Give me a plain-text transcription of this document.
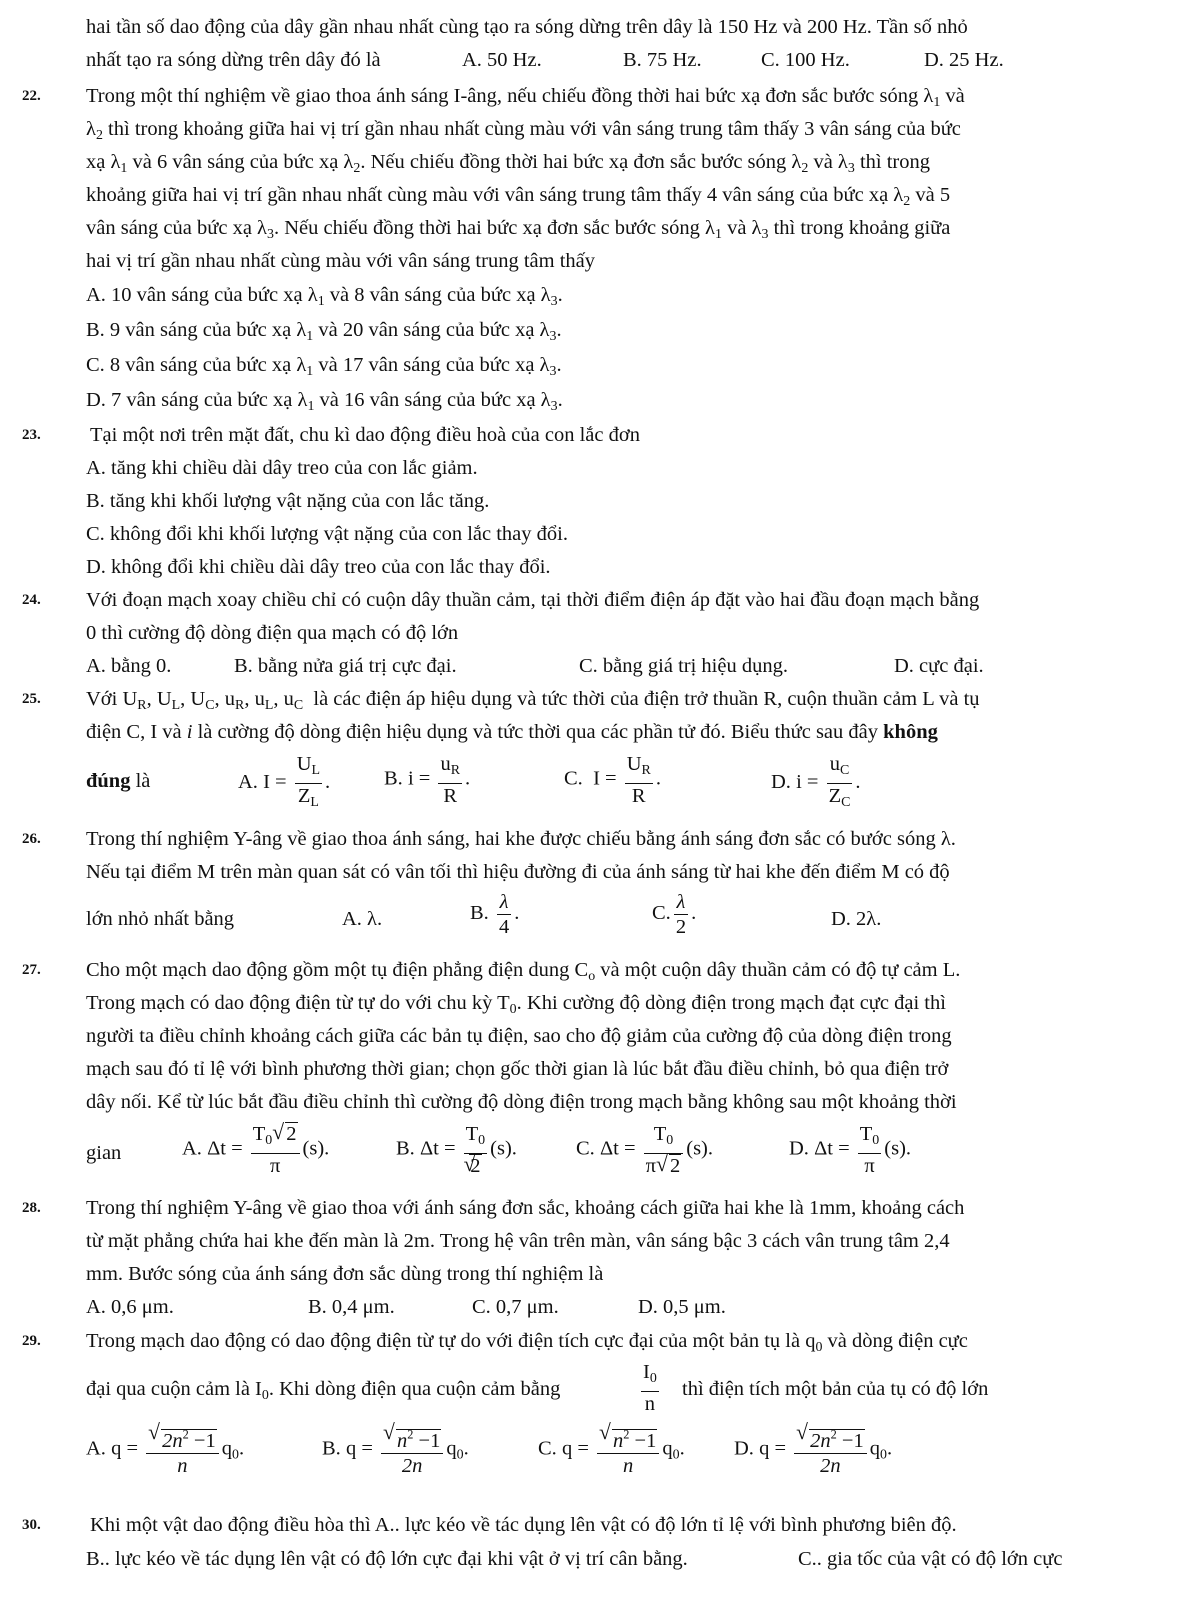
hai tần số dao động của dây gần nhau nhất cùng tạo ra sóng dừng trên dây là 150 Hz và 200 Hz. Tần số nhỏ
nhất tạo ra sóng dừng trên dây đó là	A. 50 Hz.	B. 75 Hz.	C. 100 Hz.	D. 25 Hz.
22. Trong một thí nghiệm về giao thoa ánh sáng I-âng, nếu chiếu đồng thời hai bức xạ đơn sắc bước sóng $\lambda_1$ và
$\lambda_2$ thì trong khoảng giữa hai vị trí gần nhau nhất cùng màu với vân sáng trung tâm thấy 3 vân sáng của bức
xạ $\lambda_1$ và 6 vân sáng của bức xạ $\lambda_2$. Nếu chiếu đồng thời hai bức xạ đơn sắc bước sóng $\lambda_2$ và $\lambda_3$ thì trong
khoảng giữa hai vị trí gần nhau nhất cùng màu với vân sáng trung tâm thấy 4 vân sáng của bức xạ $\lambda_2$ và 5
vân sáng của bức xạ $\lambda_3$. Nếu chiếu đồng thời hai bức xạ đơn sắc bước sóng $\lambda_1$ và $\lambda_3$ thì trong khoảng giữa
hai vị trí gần nhau nhất cùng màu với vân sáng trung tâm thấy
A. 10 vân sáng của bức xạ $\lambda_1$ và 8 vân sáng của bức xạ $\lambda_3$.
B. 9 vân sáng của bức xạ $\lambda_1$ và 20 vân sáng của bức xạ $\lambda_3$.
C. 8 vân sáng của bức xạ $\lambda_1$ và 17 vân sáng của bức xạ $\lambda_3$.
D. 7 vân sáng của bức xạ $\lambda_1$ và 16 vân sáng của bức xạ $\lambda_3$.
23. Tại một nơi trên mặt đất, chu kì dao động điều hoà của con lắc đơn
A. tăng khi chiều dài dây treo của con lắc giảm.
B. tăng khi khối lượng vật nặng của con lắc tăng.
C. không đổi khi khối lượng vật nặng của con lắc thay đổi.
D. không đổi khi chiều dài dây treo của con lắc thay đổi.
24. Với đoạn mạch xoay chiều chỉ có cuộn dây thuần cảm, tại thời điểm điện áp đặt vào hai đầu đoạn mạch bằng
0 thì cường độ dòng điện qua mạch có độ lớn
A. bằng 0.	B. bằng nửa giá trị cực đại.	C. bằng giá trị hiệu dụng.	D. cực đại.
25. Với $U_R$, $U_L$, $U_C$, $u_R$, $u_L$, $u_C$ là các điện áp hiệu dụng và tức thời của điện trở thuần R, cuộn thuần cảm L và tụ
điện C, I và i là cường độ dòng điện hiệu dụng và tức thời qua các phần tử đó. Biểu thức sau đây không
đúng là	A. $I = \frac{U_L}{Z_L}$ .	B. $i = \frac{u_R}{R}$ .	C. $I = \frac{U_R}{R}$ .	D. $i = \frac{u_C}{Z_C}$ .
26. Trong thí nghiệm Y-âng về giao thoa ánh sáng, hai khe được chiếu bằng ánh sáng đơn sắc có bước sóng λ.
Nếu tại điểm M trên màn quan sát có vân tối thì hiệu đường đi của ánh sáng từ hai khe đến điểm M có độ
lớn nhỏ nhất bằng	A. λ.	B. $\frac{\lambda}{4}$ .	C. $\frac{\lambda}{2}$ .	D. 2λ.
27. Cho một mạch dao động gồm một tụ điện phẳng điện dung $C_o$ và một cuộn dây thuần cảm có độ tự cảm L.
Trong mạch có dao động điện từ tự do với chu kỳ $T_0$. Khi cường độ dòng điện trong mạch đạt cực đại thì
người ta điều chỉnh khoảng cách giữa các bản tụ điện, sao cho độ giảm của cường độ của dòng điện trong
mạch sau đó tỉ lệ với bình phương thời gian; chọn gốc thời gian là lúc bắt đầu điều chỉnh, bỏ qua điện trở
dây nối. Kể từ lúc bắt đầu điều chỉnh thì cường độ dòng điện trong mạch bằng không sau một khoảng thời
gian	A. $\Delta t = \frac{T_0 √ 2}{\pi} (s)$.	B. $\Delta t = T_0$
√ 2 (s).	C. $\Delta t = \frac{T_0}{\pi √ 2} (s)$.	D. $\Delta t = \frac{T_0}{\pi} (s)$.
28. Trong thí nghiệm Y-âng về giao thoa với ánh sáng đơn sắc, khoảng cách giữa hai khe là 1mm, khoảng cách
từ mặt phẳng chứa hai khe đến màn là 2m. Trong hệ vân trên màn, vân sáng bậc 3 cách vân trung tâm 2,4
mm. Bước sóng của ánh sáng đơn sắc dùng trong thí nghiệm là
A. 0,6 μm.	B. 0,4 μm.	C. 0,7 μm.	D. 0,5 μm.
29. Trong mạch dao động có dao động điện từ tự do với điện tích cực đại của một bản tụ là $q_0$ và dòng điện cực
đại qua cuộn cảm là $I_0$. Khi dòng điện qua cuộn cảm bằng	$\frac{I_0}{n}$ thì điện tích một bản của tụ có độ lớn
A. q = √ $\frac{2n^2 -1}{n} q_0$.	B. q = √ $\frac{n^2 -1}{2n} q_0$.	C. q = √ $\frac{n^2 -1}{n} q_0$. D. q = √ $\frac{2n^2 -1}{2n} q_0$.
30. Khi một vật dao động điều hòa thì A.. lực kéo về tác dụng lên vật có độ lớn tỉ lệ với bình phương biên độ.
B.. lực kéo về tác dụng lên vật có độ lớn cực đại khi vật ở vị trí cân bằng.	C.. gia tốc của vật có độ lớn cực
